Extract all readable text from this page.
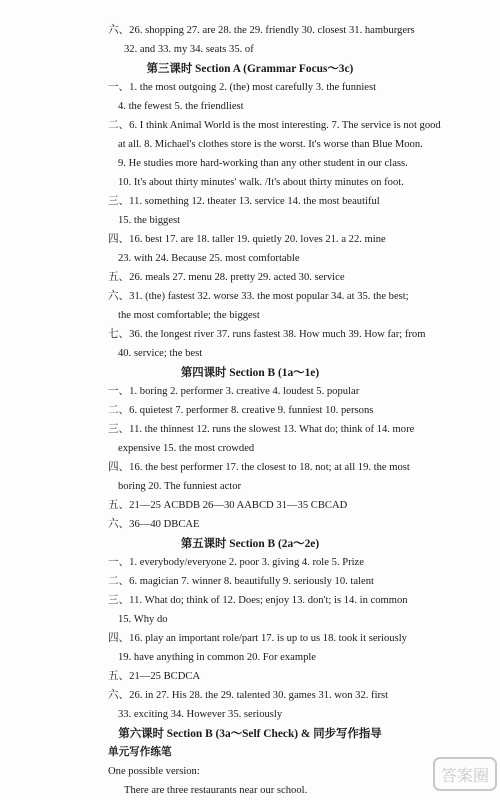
六、26. shopping 27. are 28. the 29. friendly 30. closest 31. hamburgers
32. and 33. my 34. seats 35. of
第三课时 Section A (Grammar Focus～3c)
一、1. the most outgoing 2. (the) most carefully 3. the funniest
4. the fewest 5. the friendliest
二、6. I think Animal World is the most interesting. 7. The service is not good
at all. 8. Michael's clothes store is the worst. It's worse than Blue Moon.
9. He studies more hard-working than any other student in our class.
10. It's about thirty minutes' walk. /It's about thirty minutes on foot.
三、11. something 12. theater 13. service 14. the most beautiful
15. the biggest
四、16. best 17. are 18. taller 19. quietly 20. loves 21. a 22. mine
23. with 24. Because 25. most comfortable
五、26. meals 27. menu 28. pretty 29. acted 30. service
六、31. (the) fastest 32. worse 33. the most popular 34. at 35. the best;
the most comfortable; the biggest
七、36. the longest river 37. runs fastest 38. How much 39. How far; from
40. service; the best
第四课时 Section B (1a～1e)
一、1. boring 2. performer 3. creative 4. loudest 5. popular
二、6. quietest 7. performer 8. creative 9. funniest 10. persons
三、11. the thinnest 12. runs the slowest 13. What do; think of 14. more
expensive 15. the most crowded
四、16. the best performer 17. the closest to 18. not; at all 19. the most
boring 20. The funniest actor
五、21—25 ACBDB 26—30 AABCD 31—35 CBCAD
六、36—40 DBCAE
第五课时 Section B (2a～2e)
一、1. everybody/everyone 2. poor 3. giving 4. role 5. Prize
二、6. magician 7. winner 8. beautifully 9. seriously 10. talent
三、11. What do; think of 12. Does; enjoy 13. don't; is 14. in common
15. Why do
四、16. play an important role/part 17. is up to us 18. took it seriously
19. have anything in common 20. For example
五、21—25 BCDCA
六、26. in 27. His 28. the 29. talented 30. games 31. won 32. first
33. exciting 34. However 35. seriously
第六课时 Section B (3a～Self Check) & 同步写作指导
单元写作练笔
One possible version:
There are three restaurants near our school.
答案圈
